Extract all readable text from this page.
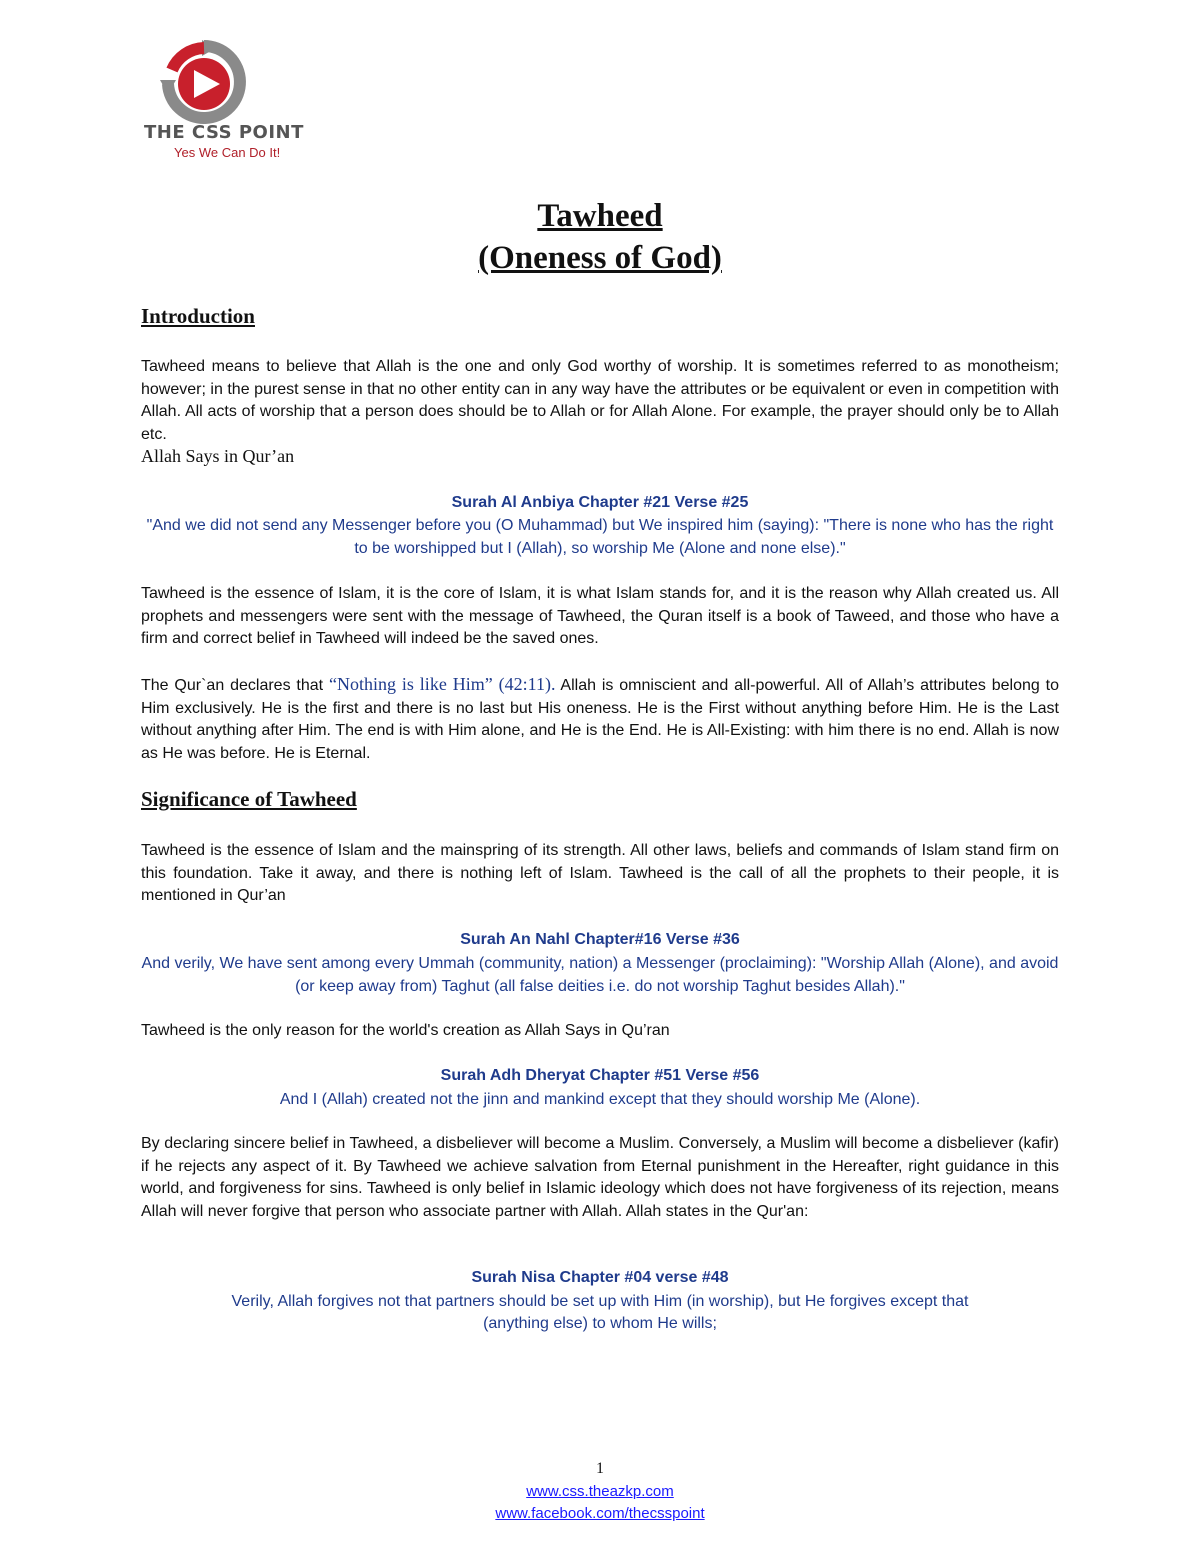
THE CSS POINT
Yes We Can Do It!
Tawheed
(Oneness of God)
Introduction

Tawheed means to believe that Allah is the one and only God worthy of worship. It is sometimes referred to as monotheism; however; in the purest sense in that no other entity can in any way have the attributes or be equivalent or even in competition with Allah. All acts of worship that a person does should be to Allah or for Allah Alone. For example, the prayer should only be to Allah etc.

Allah Says in Qur’an

Surah Al Anbiya Chapter #21 Verse #25

"And we did not send any Messenger before you (O Muhammad) but We inspired him (saying): "There is none who has the right to be worshipped but I (Allah), so worship Me (Alone and none else)."

Tawheed is the essence of Islam, it is the core of Islam, it is what Islam stands for, and it is the reason why Allah created us. All prophets and messengers were sent with the message of Tawheed, the Quran itself is a book of Taweed, and those who have a firm and correct belief in Tawheed will indeed be the saved ones.

The Qur`an declares that “Nothing is like Him” (42:11). Allah is omniscient and all-powerful. All of Allah’s attributes belong to Him exclusively. He is the first and there is no last but His oneness. He is the First without anything before Him. He is the Last without anything after Him. The end is with Him alone, and He is the End. He is All-Existing: with him there is no end. Allah is now as He was before. He is Eternal.

Significance of Tawheed

Tawheed is the essence of Islam and the mainspring of its strength. All other laws, beliefs and commands of Islam stand firm on this foundation. Take it away, and there is nothing left of Islam. Tawheed is the call of all the prophets to their people, it is mentioned in Qur’an

Surah An Nahl Chapter#16 Verse #36

And verily, We have sent among every Ummah (community, nation) a Messenger (proclaiming): "Worship Allah (Alone), and avoid (or keep away from) Taghut (all false deities i.e. do not worship Taghut besides Allah)."

Tawheed is the only reason for the world's creation as Allah Says in Qu’ran

Surah Adh Dheryat Chapter #51 Verse #56

And I (Allah) created not the jinn and mankind except that they should worship Me (Alone).

By declaring sincere belief in Tawheed, a disbeliever will become a Muslim. Conversely, a Muslim will become a disbeliever (kafir) if he rejects any aspect of it. By Tawheed we achieve salvation from Eternal punishment in the Hereafter, right guidance in this world, and forgiveness for sins. Tawheed is only belief in Islamic ideology which does not have forgiveness of its rejection, means Allah will never forgive that person who associate partner with Allah. Allah states in the Qur'an:

Surah Nisa Chapter #04 verse #48

Verily, Allah forgives not that partners should be set up with Him (in worship), but He forgives except that

(anything else) to whom He wills;

1

www.css.theazkp.com
www.facebook.com/thecsspoint
